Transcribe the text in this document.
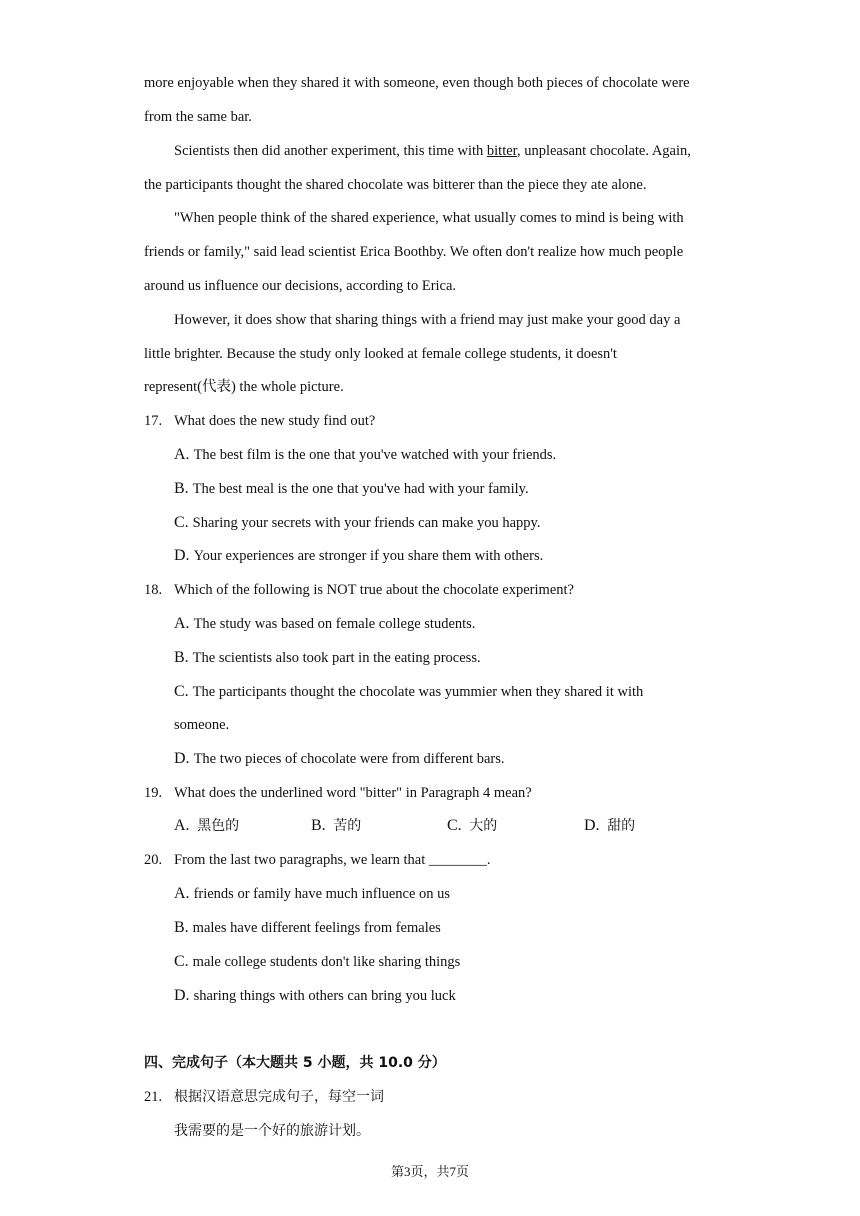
more enjoyable when they shared it with someone, even though both pieces of chocolate were

from the same bar.

Scientists then did another experiment, this time with bitter, unpleasant chocolate. Again,

the participants thought the shared chocolate was bitterer than the piece they ate alone.

"When people think of the shared experience, what usually comes to mind is being with

friends or family," said lead scientist Erica Boothby. We often don't realize how much people

around us influence our decisions, according to Erica.

However, it does show that sharing things with a friend may just make your good day a

little brighter. Because the study only looked at female college students, it doesn't

represent(代表) the whole picture.

17. What does the new study find out?

A. The best film is the one that you've watched with your friends.

B. The best meal is the one that you've had with your family.

C. Sharing your secrets with your friends can make you happy.

D. Your experiences are stronger if you share them with others.

18. Which of the following is NOT true about the chocolate experiment?

A. The study was based on female college students.

B. The scientists also took part in the eating process.

C. The participants thought the chocolate was yummier when they shared it with

someone.

D. The two pieces of chocolate were from different bars.

19. What does the underlined word "bitter" in Paragraph 4 mean?

A. 黑色的	B. 苦的	C. 大的	D. 甜的

20. From the last two paragraphs, we learn that ________.

A. friends or family have much influence on us

B. males have different feelings from females

C. male college students don't like sharing things

D. sharing things with others can bring you luck

四、完成句子（本大题共 5 小题，共 10.0 分）

21. 根据汉语意思完成句子，每空一词

我需要的是一个好的旅游计划。

第3页，共7页
